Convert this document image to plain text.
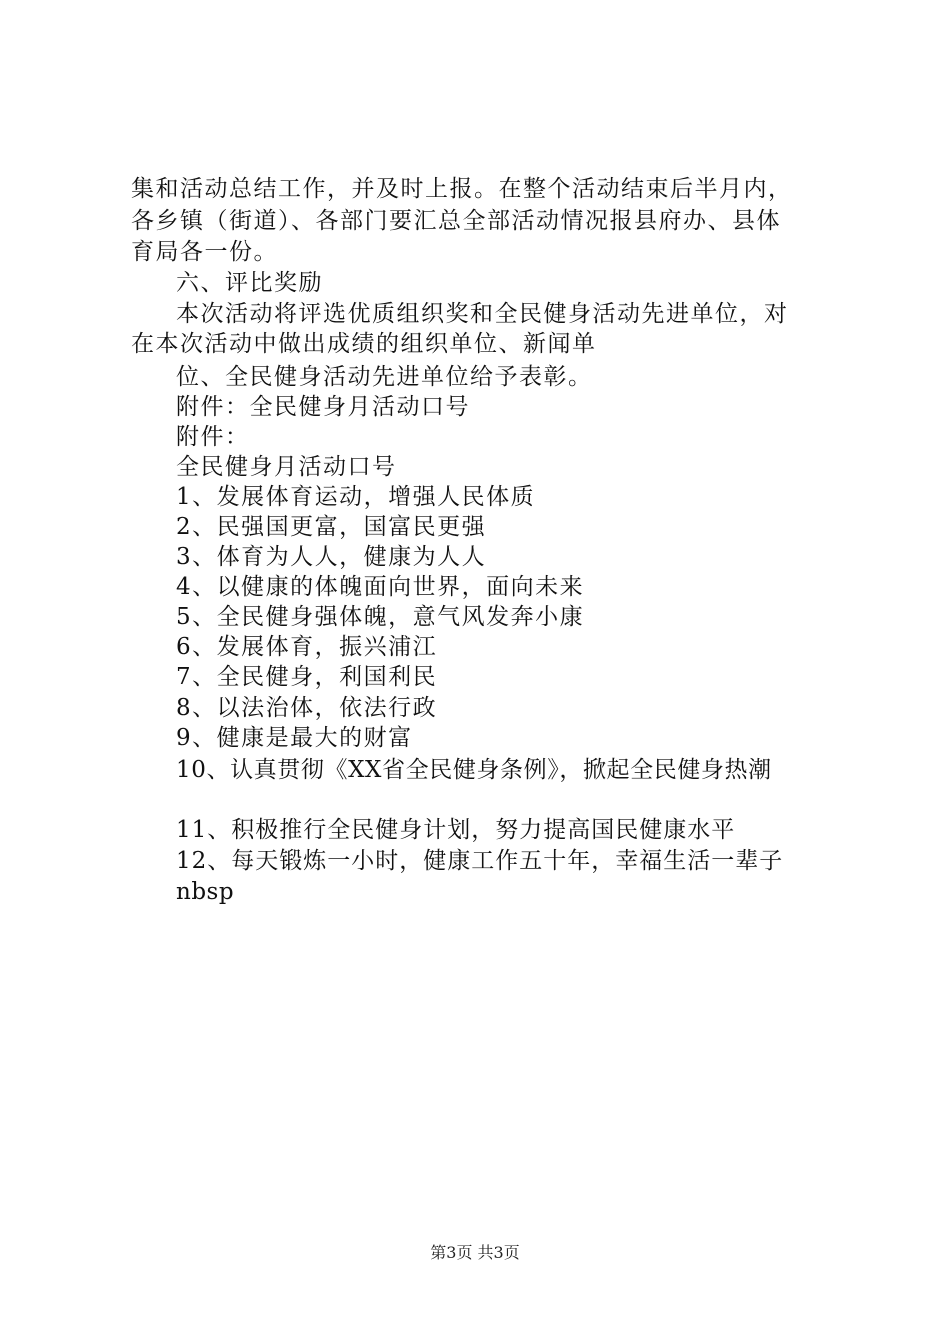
集和活动总结工作，并及时上报。在整个活动结束后半月内，
各乡镇（街道）、各部门要汇总全部活动情况报县府办、县体
育局各一份。
六、评比奖励
本次活动将评选优质组织奖和全民健身活动先进单位，对
在本次活动中做出成绩的组织单位、新闻单
位、全民健身活动先进单位给予表彰。
附件：全民健身月活动口号
附件：
全民健身月活动口号
1、发展体育运动，增强人民体质
2、民强国更富，国富民更强
3、体育为人人，健康为人人
4、以健康的体魄面向世界，面向未来
5、全民健身强体魄，意气风发奔小康
6、发展体育，振兴浦江
7、全民健身，利国利民
8、以法治体，依法行政
9、健康是最大的财富
10、认真贯彻《XX省全民健身条例》，掀起全民健身热潮
11、积极推行全民健身计划，努力提高国民健康水平
12、每天锻炼一小时，健康工作五十年，幸福生活一辈子
nbsp
第3页 共3页
